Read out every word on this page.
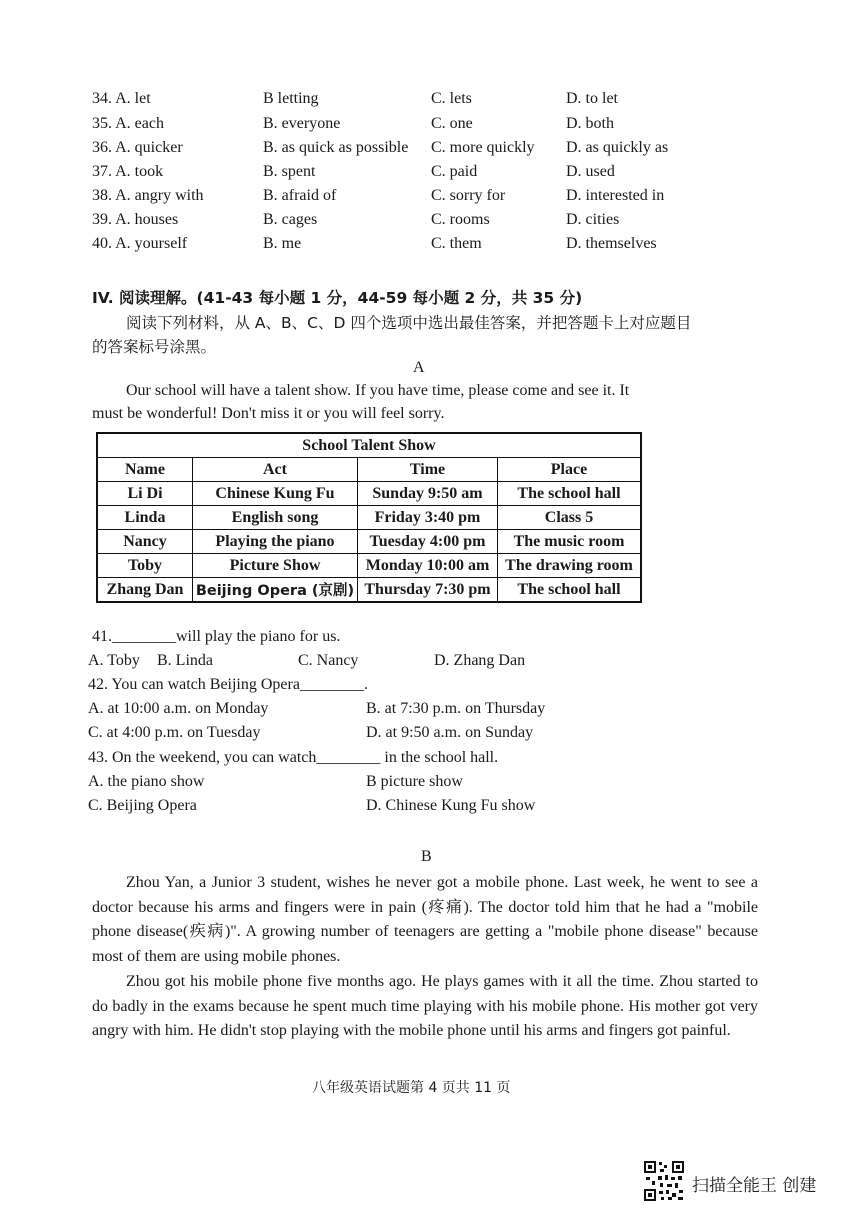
34. A. let	B letting	C. lets	D. to let
35. A. each	B. everyone	C. one	D. both
36. A. quicker	B. as quick as possible C. more quickly D. as quickly as
37. A. took	B. spent	C. paid	D. used
38. A. angry with	B. afraid of	C. sorry for	D. interested in
39. A. houses	B. cages	C. rooms	D. cities
40. A. yourself	B. me	C. them	D. themselves
IV. 阅读理解。(41-43 每小题 1 分，44-59 每小题 2 分，共 35 分)
阅读下列材料，从 A、B、C、D 四个选项中选出最佳答案，并把答题卡上对应题目
的答案标号涂黑。
A
Our school will have a talent show. If you have time, please come and see it. It
must be wonderful! Don't miss it or you will feel sorry.
School Talent Show			
Name	Act	Time	Place
Li Di	Chinese Kung Fu	Sunday 9:50 am	The school hall
Linda	English song	Friday 3:40 pm	Class 5
Nancy	Playing the piano	Tuesday 4:00 pm	The music room
Toby	Picture Show	Monday 10:00 am	The drawing room
Zhang Dan	Beijing Opera (京剧)	Thursday 7:30 pm	The school hall
41.________will play the piano for us.
A. Toby B. Linda	C. Nancy	D. Zhang Dan
42. You can watch Beijing Opera________.
A. at 10:00 a.m. on Monday	B. at 7:30 p.m. on Thursday
C. at 4:00 p.m. on Tuesday	D. at 9:50 a.m. on Sunday
43. On the weekend, you can watch________ in the school hall.
A. the piano show	B picture show
C. Beijing Opera	D. Chinese Kung Fu show
B
Zhou Yan, a Junior 3 student, wishes he never got a mobile phone. Last week, he went to see a doctor because his arms and fingers were in pain (疼痛). The doctor told him that he had a "mobile phone disease(疾病)". A growing number of teenagers are getting a "mobile phone disease" because most of them are using mobile phones.
Zhou got his mobile phone five months ago. He plays games with it all the time. Zhou started to do badly in the exams because he spent much time playing with his mobile phone. His mother got very angry with him. He didn't stop playing with the mobile phone until his arms and fingers got painful.
八年级英语试题第 4 页共 11 页
扫描全能王 创建
